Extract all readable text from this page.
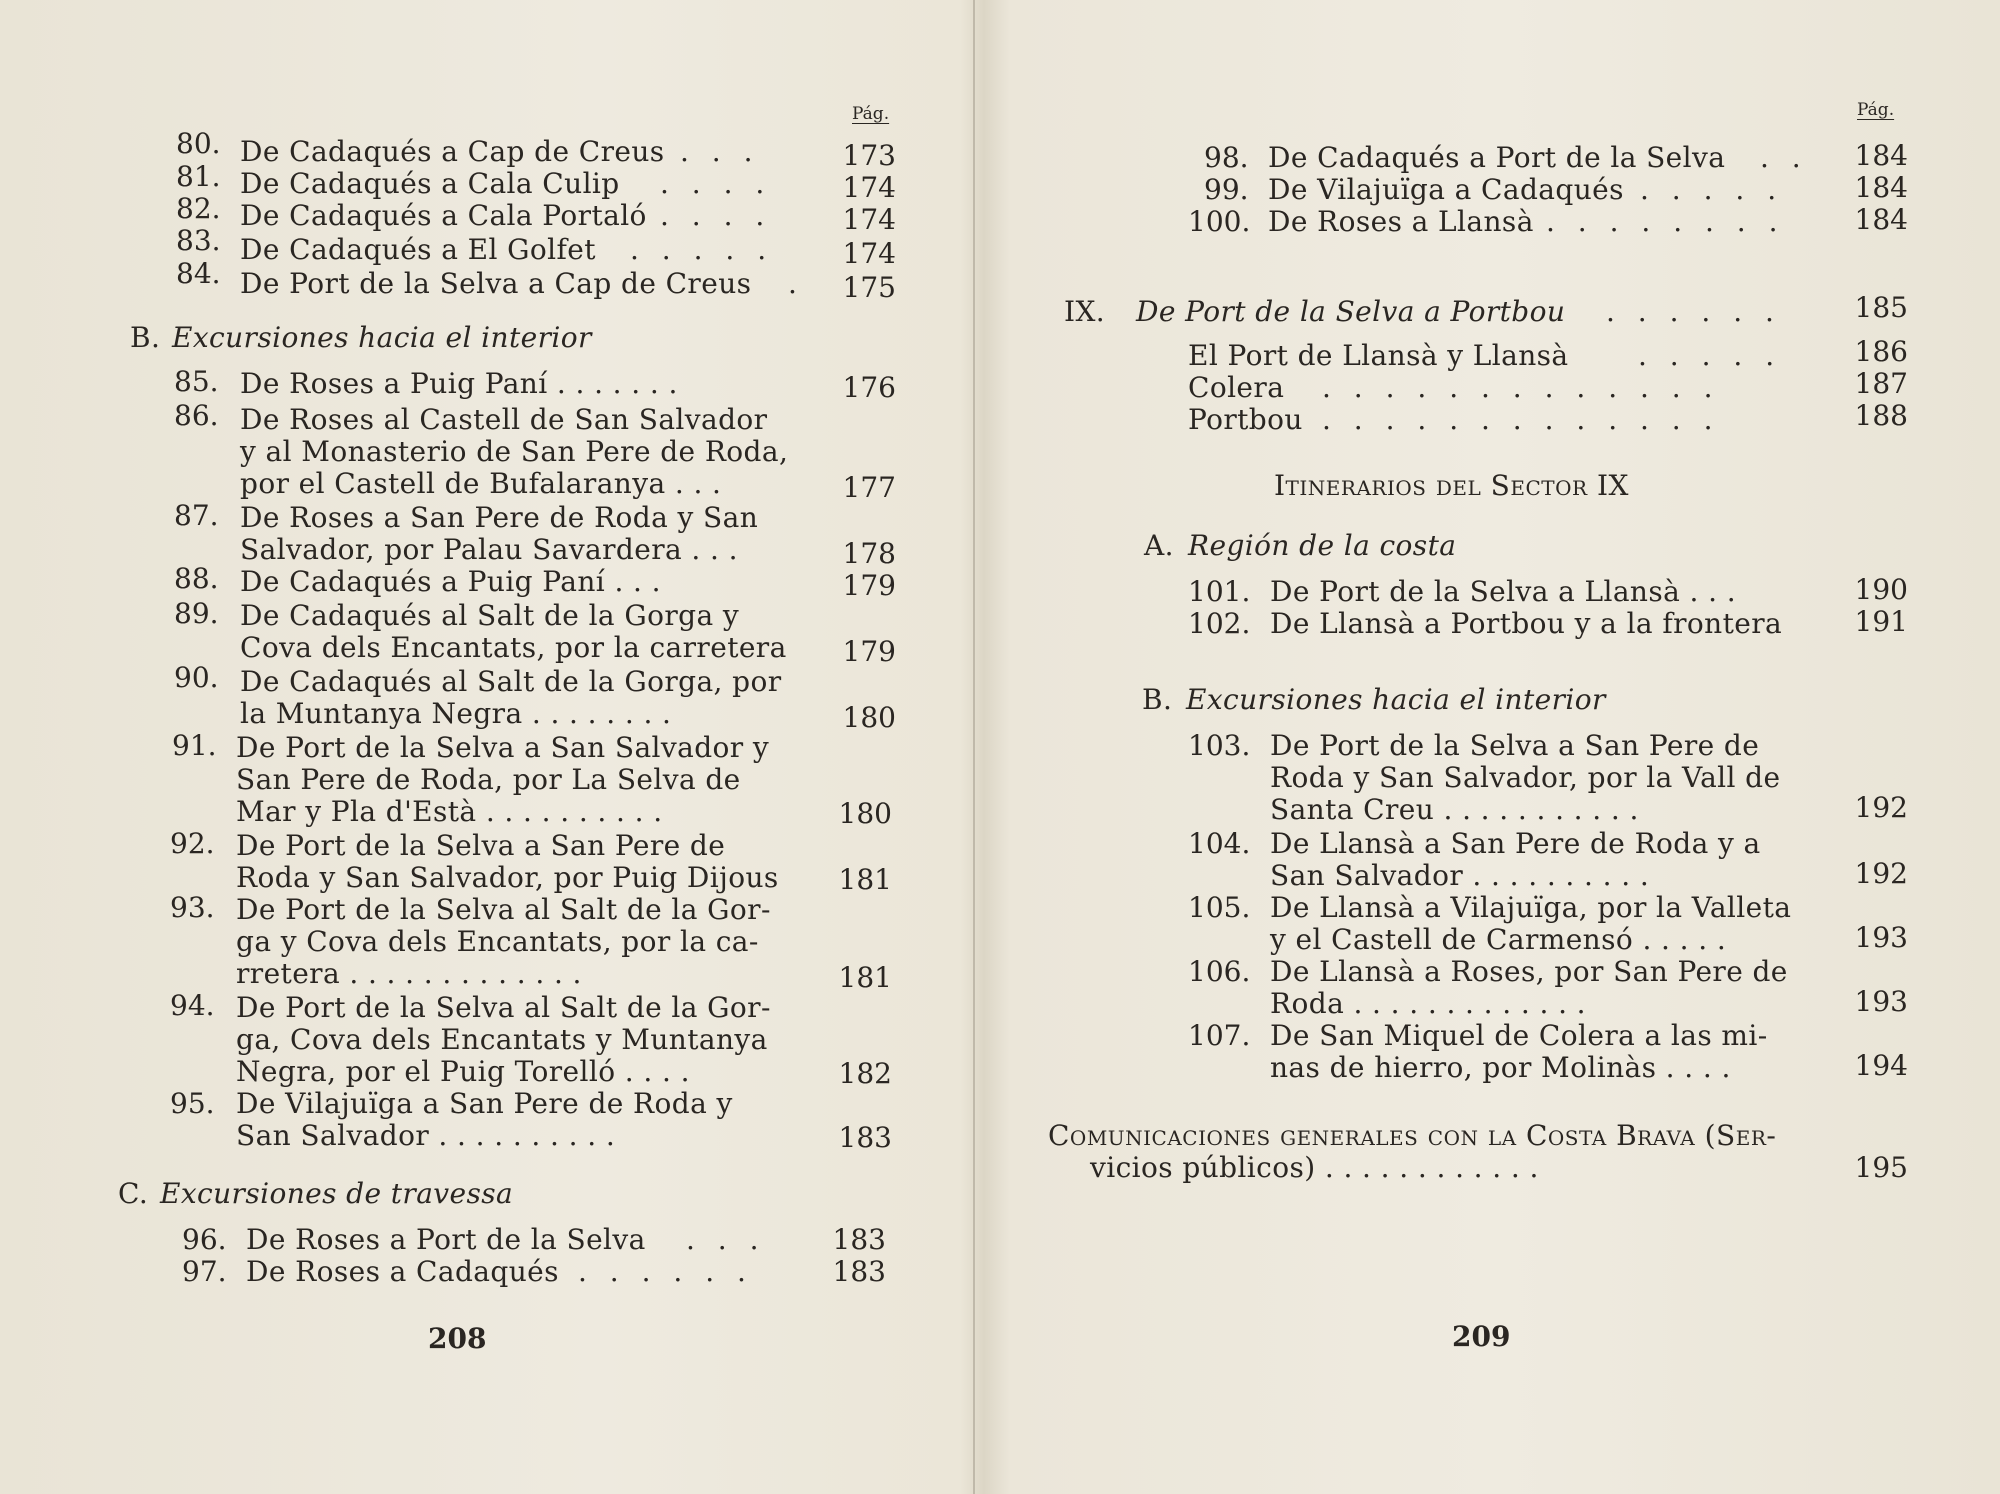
Pág.
80. De Cadaqués a Cap de Creus . . .	173
81. De Cadaqués a Cala Culip . . . .	174
82. De Cadaqués a Cala Portaló . . . .	174
83. De Cadaqués a El Golfet . . . . . 174
84. De Port de la Selva a Cap de Creus . 175
B. Excursiones hacia el interior
85. De Roses a Puig Paní . . . . . . .	176
86. De Roses al Castell de San Salvador
y al Monasterio de San Pere de Roda,
por el Castell de Bufalaranya . . .	177
87. De Roses a San Pere de Roda y San
Salvador, por Palau Savardera . . .	178
88. De Cadaqués a Puig Paní . . .	179
89. De Cadaqués al Salt de la Gorga y
Cova dels Encantats, por la carretera 179
90. De Cadaqués al Salt de la Gorga, por
la Muntanya Negra . . . . . . . .	180
91. De Port de la Selva a San Salvador y
San Pere de Roda, por La Selva de
Mar y Pla d'Està . . . . . . . . . .	180
92. De Port de la Selva a San Pere de
Roda y San Salvador, por Puig Dijous 181
93. De Port de la Selva al Salt de la Gor-
ga y Cova dels Encantats, por la ca-
rretera . . . . . . . . . . . . .	181
94. De Port de la Selva al Salt de la Gor-
ga, Cova dels Encantats y Muntanya
Negra, por el Puig Torelló . . . .	182
95. De Vilajuïga a San Pere de Roda y
San Salvador . . . . . . . . . .	183
C. Excursiones de travessa
96. De Roses a Port de la Selva . . . 183
97. De Roses a Cadaqués . . . . . .	183
208
Pág.
98. De Cadaqués a Port de la Selva . . 184
99. De Vilajuïga a Cadaqués . . . . .	184
100. De Roses a Llansà . . . . . . . .	184
IX. De Port de la Selva a Portbou . . . . . .	185
El Port de Llansà y Llansà . . . . .	186
Colera . . . . . . . . . . . . .	187
Portbou . . . . . . . . . . . . .	188
Itinerarios del Sector IX
A. Región de la costa
101. De Port de la Selva a Llansà . . .	190
102. De Llansà a Portbou y a la frontera	191
B. Excursiones hacia el interior
103. De Port de la Selva a San Pere de
Roda y San Salvador, por la Vall de
Santa Creu . . . . . . . . . . .	192
104. De Llansà a San Pere de Roda y a
San Salvador . . . . . . . . . .	192
105. De Llansà a Vilajuïga, por la Valleta
y el Castell de Carmensó . . . . .	193
106. De Llansà a Roses, por San Pere de
Roda . . . . . . . . . . . . .	193
107. De San Miquel de Colera a las mi-
nas de hierro, por Molinàs . . . .	194
Comunicaciones generales con la Costa Brava (Ser-
vicios públicos) . . . . . . . . . . . .	195
209
